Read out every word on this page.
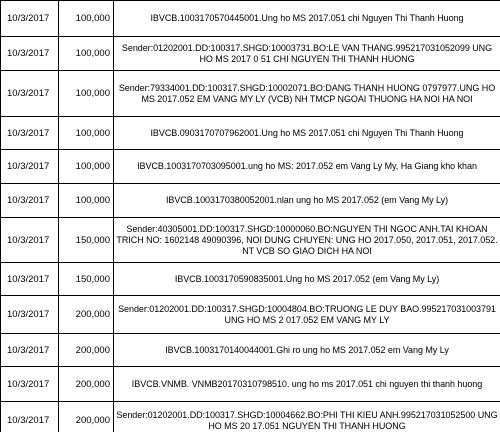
10/3/2017	100,000	IBVCB.1003170570445001.Ung ho MS 2017.051 chi Nguyen Thi Thanh Huong
10/3/2017	100,000	Sender:01202001.DD:100317.SHGD:10003731.BO:LE VAN THANG.995217031052099 UNG HO MS 2017 0 51 CHI NGUYEN THI THANH HUONG
10/3/2017	100,000	Sender:79334001.DD:100317.SHGD:10002071.BO:DANG THANH HUONG 0797977.UNG HO MS 2017.052 EM VANG MY LY (VCB) NH TMCP NGOAI THUONG HA NOI HA NOI
10/3/2017	100,000	IBVCB.0903170707962001.Ung ho MS 2017.051 chi Nguyen Thi Thanh Huong
10/3/2017	100,000	IBVCB.1003170703095001.ung ho MS: 2017.052 em Vang Ly My, Ha Giang kho khan
10/3/2017	100,000	IBVCB.1003170380052001.nlan ung ho MS 2017.052 (em Vang My Ly)
10/3/2017	150,000	Sender:40305001.DD:100317.SHGD:10000060.BO:NGUYEN THI NGOC ANH.TAI KHOAN TRICH NO: 1602148 49090396, NOI DUNG CHUYEN: UNG HO 2017.050, 2017.051, 2017.052. NT VCB SO GIAO DICH HA NOI
10/3/2017	150,000	IBVCB.1003170590835001.Ung ho MS 2017.052 (em Vang My Ly)
10/3/2017	200,000	Sender:01202001.DD:100317.SHGD:10004804.BO:TRUONG LE DUY BAO.995217031003791 UNG HO MS 2 017.052 EM VANG MY LY
10/3/2017	200,000	IBVCB.1003170140044001.Ghi ro ung ho MS 2017.052 em Vang My Ly
10/3/2017	200,000	IBVCB.VNMB. VNMB20170310798510. ung ho ms 2017.051 chi nguyen thi thanh huong
10/3/2017	200,000	Sender:01202001.DD:100317.SHGD:10004662.BO:PHI THI KIEU ANH.995217031052500 UNG HO MS 20 17.051 NGUYEN THI THANH HUONG
